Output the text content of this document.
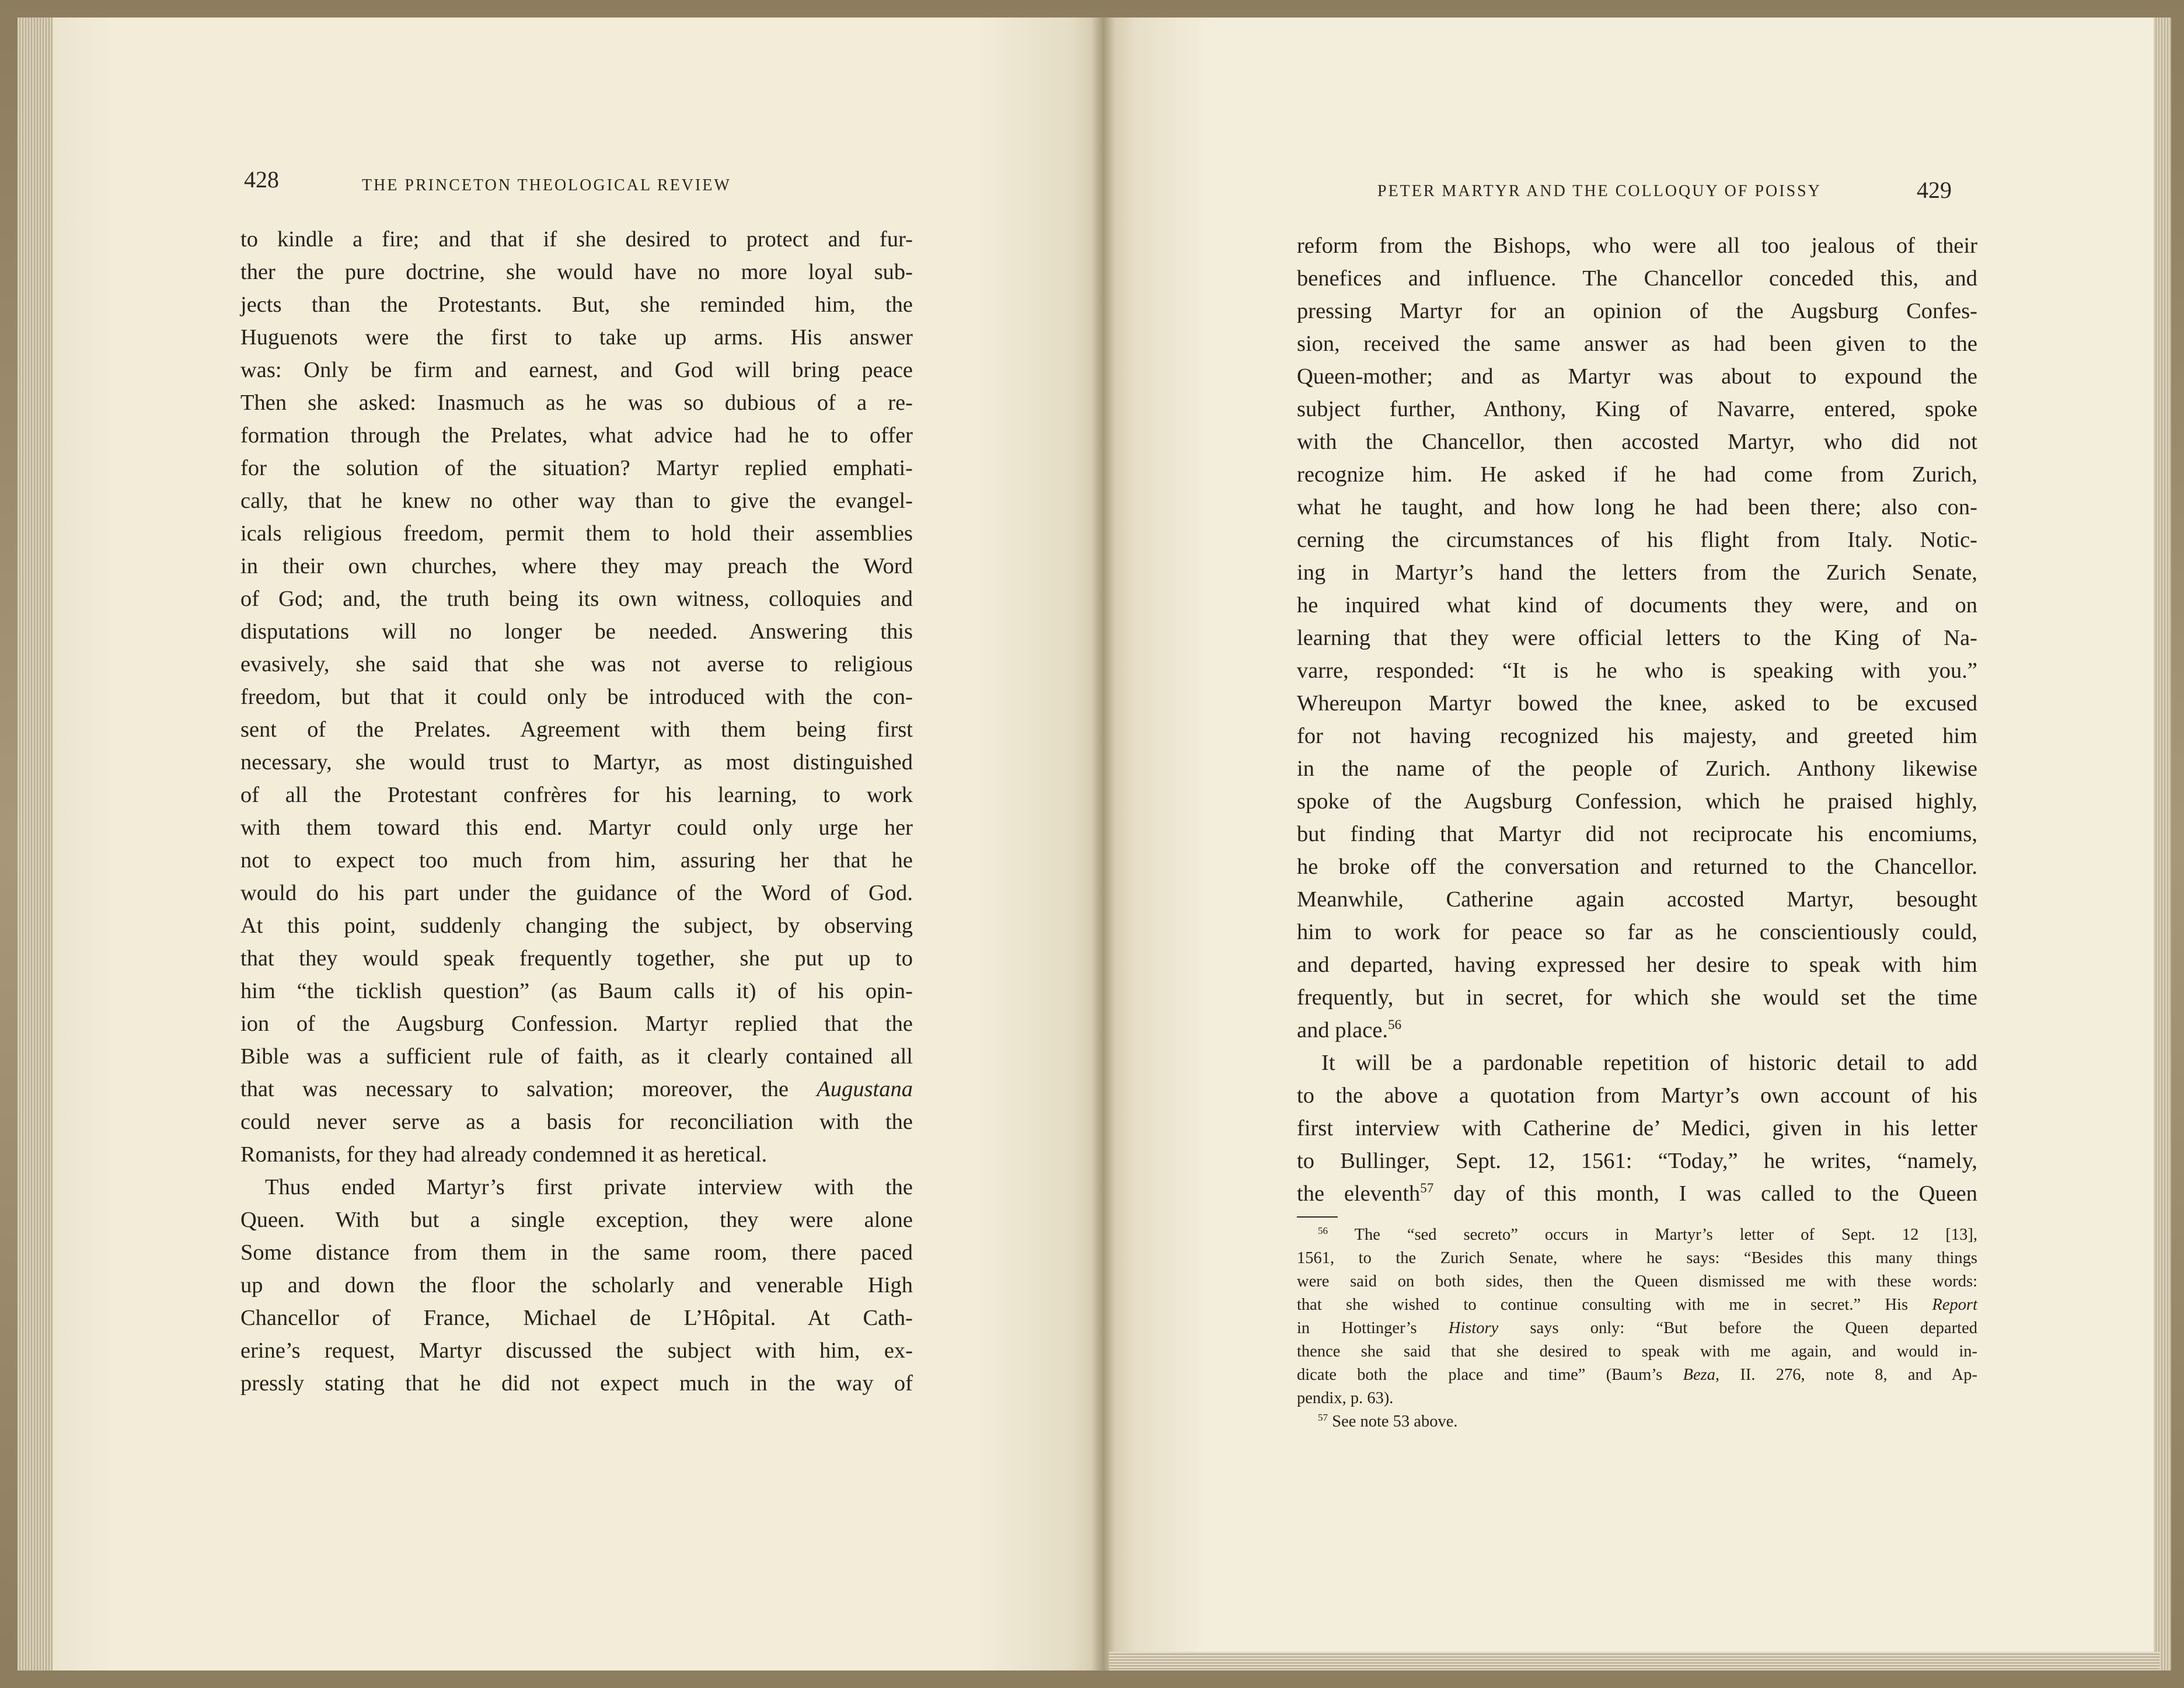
428	THE PRINCETON THEOLOGICAL REVIEW
to kindle a fire; and that if she desired to protect and fur-
ther the pure doctrine, she would have no more loyal sub-
jects than the Protestants. But, she reminded him, the
Huguenots were the first to take up arms. His answer
was: Only be firm and earnest, and God will bring peace
Then she asked: Inasmuch as he was so dubious of a re-
formation through the Prelates, what advice had he to offer
for the solution of the situation? Martyr replied emphati-
cally, that he knew no other way than to give the evangel-
icals religious freedom, permit them to hold their assemblies
in their own churches, where they may preach the Word
of God; and, the truth being its own witness, colloquies and
disputations will no longer be needed. Answering this
evasively, she said that she was not averse to religious
freedom, but that it could only be introduced with the con-
sent of the Prelates. Agreement with them being first
necessary, she would trust to Martyr, as most distinguished
of all the Protestant confrères for his learning, to work
with them toward this end. Martyr could only urge her
not to expect too much from him, assuring her that he
would do his part under the guidance of the Word of God.
At this point, suddenly changing the subject, by observing
that they would speak frequently together, she put up to
him “the ticklish question” (as Baum calls it) of his opin-
ion of the Augsburg Confession. Martyr replied that the
Bible was a sufficient rule of faith, as it clearly contained all
that was necessary to salvation; moreover, the Augustana
could never serve as a basis for reconciliation with the
Romanists, for they had already condemned it as heretical.
Thus ended Martyr’s first private interview with the
Queen. With but a single exception, they were alone
Some distance from them in the same room, there paced
up and down the floor the scholarly and venerable High
Chancellor of France, Michael de L’Hôpital. At Cath-
erine’s request, Martyr discussed the subject with him, ex-
pressly stating that he did not expect much in the way of
PETER MARTYR AND THE COLLOQUY OF POISSY	429
reform from the Bishops, who were all too jealous of their
benefices and influence. The Chancellor conceded this, and
pressing Martyr for an opinion of the Augsburg Confes-
sion, received the same answer as had been given to the
Queen-mother; and as Martyr was about to expound the
subject further, Anthony, King of Navarre, entered, spoke
with the Chancellor, then accosted Martyr, who did not
recognize him. He asked if he had come from Zurich,
what he taught, and how long he had been there; also con-
cerning the circumstances of his flight from Italy. Notic-
ing in Martyr’s hand the letters from the Zurich Senate,
he inquired what kind of documents they were, and on
learning that they were official letters to the King of Na-
varre, responded: “It is he who is speaking with you.”
Whereupon Martyr bowed the knee, asked to be excused
for not having recognized his majesty, and greeted him
in the name of the people of Zurich. Anthony likewise
spoke of the Augsburg Confession, which he praised highly,
but finding that Martyr did not reciprocate his encomiums,
he broke off the conversation and returned to the Chancellor.
Meanwhile, Catherine again accosted Martyr, besought
him to work for peace so far as he conscientiously could,
and departed, having expressed her desire to speak with him
frequently, but in secret, for which she would set the time
and place.$^{56}$
It will be a pardonable repetition of historic detail to add
to the above a quotation from Martyr’s own account of his
first interview with Catherine de’ Medici, given in his letter
to Bullinger, Sept. 12, 1561: “Today,” he writes, “namely,
the eleventh$^{57}$ day of this month, I was called to the Queen
$^{56}$ The “sed secreto” occurs in Martyr’s letter of Sept. 12 [13],
1561, to the Zurich Senate, where he says: “Besides this many things
were said on both sides, then the Queen dismissed me with these words:
that she wished to continue consulting with me in secret.” His Report
in Hottinger’s History says only: “But before the Queen departed
thence she said that she desired to speak with me again, and would in-
dicate both the place and time” (Baum’s Beza, II. 276, note 8, and Ap-
pendix, p. 63).
$^{57}$ See note 53 above.
